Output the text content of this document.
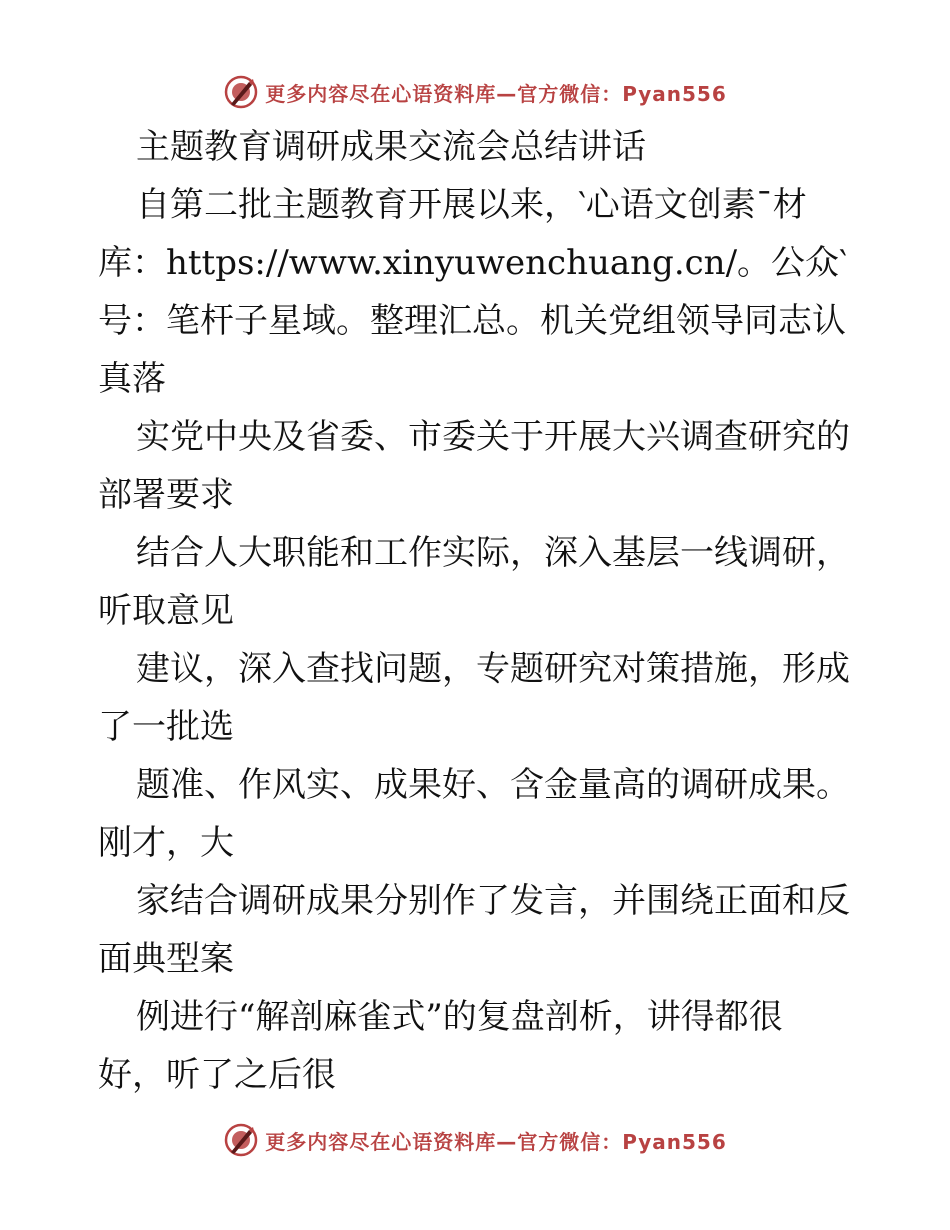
更多内容尽在心语资料库—官方微信：Pyan556
主题教育调研成果交流会总结讲话
自第二批主题教育开展以来，‵心语文创素¯材
库：https://www.xinyuwenchuang.cn/。公众‵
号：笔杆子星域。整理汇总。机关党组领导同志认
真落
实党中央及省委、市委关于开展大兴调查研究的
部署要求
结合人大职能和工作实际，深入基层一线调研，
听取意见
建议，深入查找问题，专题研究对策措施，形成
了一批选
题准、作风实、成果好、含金量高的调研成果。
刚才，大
家结合调研成果分别作了发言，并围绕正面和反
面典型案
例进行“解剖麻雀式”的复盘剖析，讲得都很
好，听了之后很
更多内容尽在心语资料库—官方微信：Pyan556
